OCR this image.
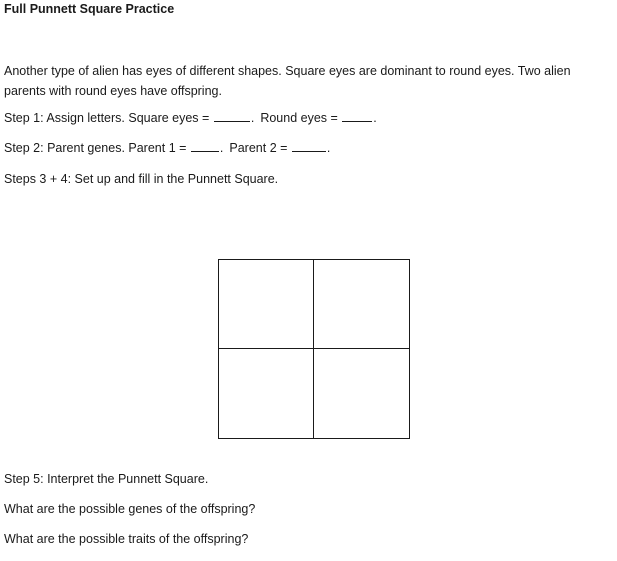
Full Punnett Square Practice
Another type of alien has eyes of different shapes. Square eyes are dominant to round eyes. Two alien parents with round eyes have offspring.
Step 1: Assign letters. Square eyes =	. Round eyes =	.
Step 2: Parent genes. Parent 1 =	. Parent 2 =	.
Steps 3 + 4: Set up and fill in the Punnett Square.
Step 5: Interpret the Punnett Square.
What are the possible genes of the offspring?
What are the possible traits of the offspring?
